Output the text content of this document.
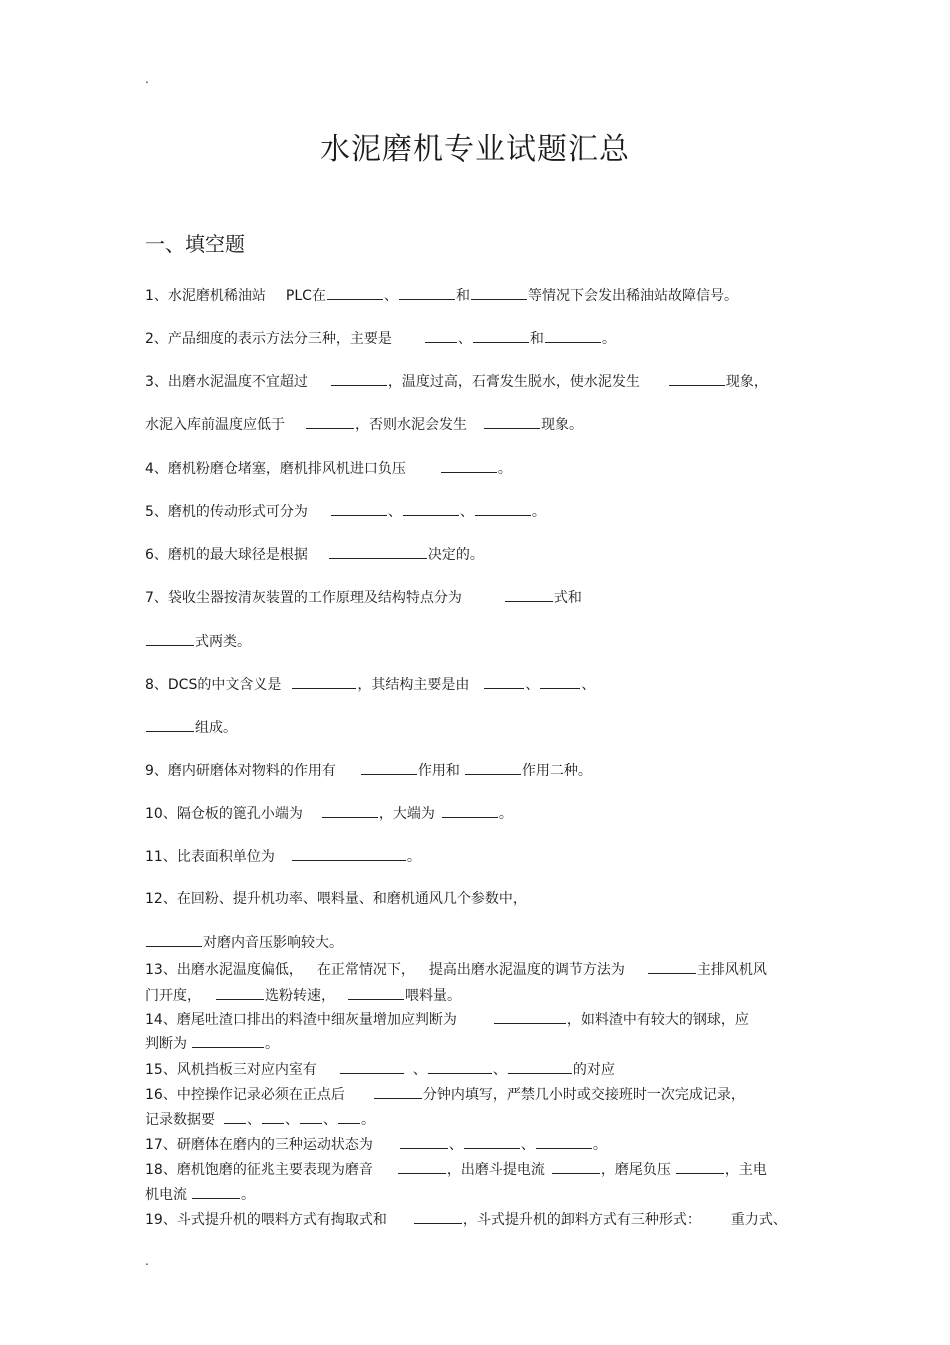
.
水泥磨机专业试题汇总
一、填空题
1、水泥磨机稀油站 PLC在	、	和	等情况下会发出稀油站故障信号。
2、产品细度的表示方法分三种，主要是	、	和	。
3、出磨水泥温度不宜超过	，温度过高，石膏发生脱水，使水泥发生	现象，
水泥入库前温度应低于	，否则水泥会发生	现象。
4、磨机粉磨仓堵塞，磨机排风机进口负压	。
5、磨机的传动形式可分为	、	、	。
6、磨机的最大球径是根据	决定的。
7、袋收尘器按清灰装置的工作原理及结构特点分为	式和
式两类。
8、DCS的中文含义是	，其结构主要是由	、	、
组成。
9、磨内研磨体对物料的作用有	作用和	作用二种。
10、隔仓板的篦孔小端为	，大端为	。
11、比表面积单位为	。
12、在回粉、提升机功率、喂料量、和磨机通风几个参数中，
对磨内音压影响较大。
13、出磨水泥温度偏低， 在正常情况下， 提高出磨水泥温度的调节方法为	主排风机风
门开度，	选粉转速，	喂料量。
14、磨尾吐渣口排出的料渣中细灰量增加应判断为	，如料渣中有较大的钢球，应
判断为	。
15、风机挡板三对应内室有	、	、	的对应
16、中控操作记录必须在正点后	分钟内填写，严禁几小时或交接班时一次完成记录，
记录数据要 、 、 、 。
17、研磨体在磨内的三种运动状态为	、	、	。
18、磨机饱磨的征兆主要表现为磨音	，出磨斗提电流	，磨尾负压	，主电
机电流	。
19、斗式提升机的喂料方式有掏取式和	，斗式提升机的卸料方式有三种形式： 重力式、
.
